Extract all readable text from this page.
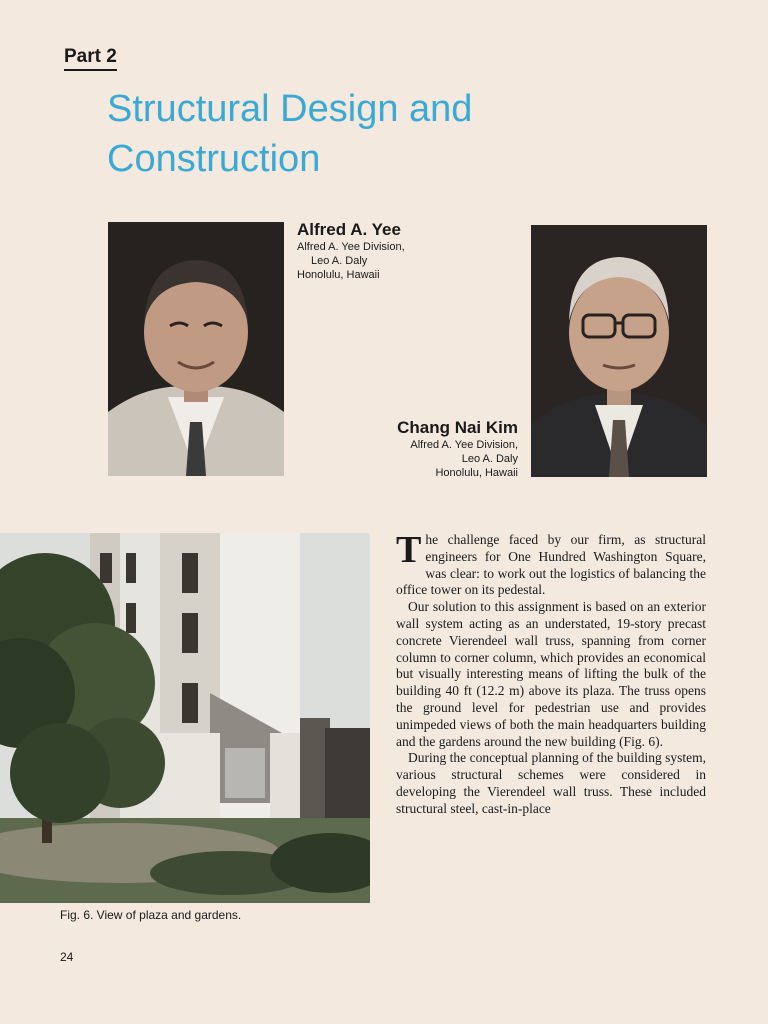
Part 2
Structural Design and Construction
Alfred A. Yee
Alfred A. Yee Division,
Leo A. Daly
Honolulu, Hawaii
Chang Nai Kim
Alfred A. Yee Division,
Leo A. Daly
Honolulu, Hawaii
Fig. 6. View of plaza and gardens.
24

The challenge faced by our firm, as structural engineers for One Hundred Washington Square, was clear: to work out the logistics of balancing the office tower on its pedestal.

Our solution to this assignment is based on an exterior wall system acting as an understated, 19-story precast concrete Vierendeel wall truss, spanning from corner column to corner column, which provides an economical but visually interesting means of lifting the bulk of the building 40 ft (12.2 m) above its plaza. The truss opens the ground level for pedestrian use and provides unimpeded views of both the main headquarters building and the gardens around the new building (Fig. 6).

During the conceptual planning of the building system, various structural schemes were considered in developing the Vierendeel wall truss. These included structural steel, cast-in-place
